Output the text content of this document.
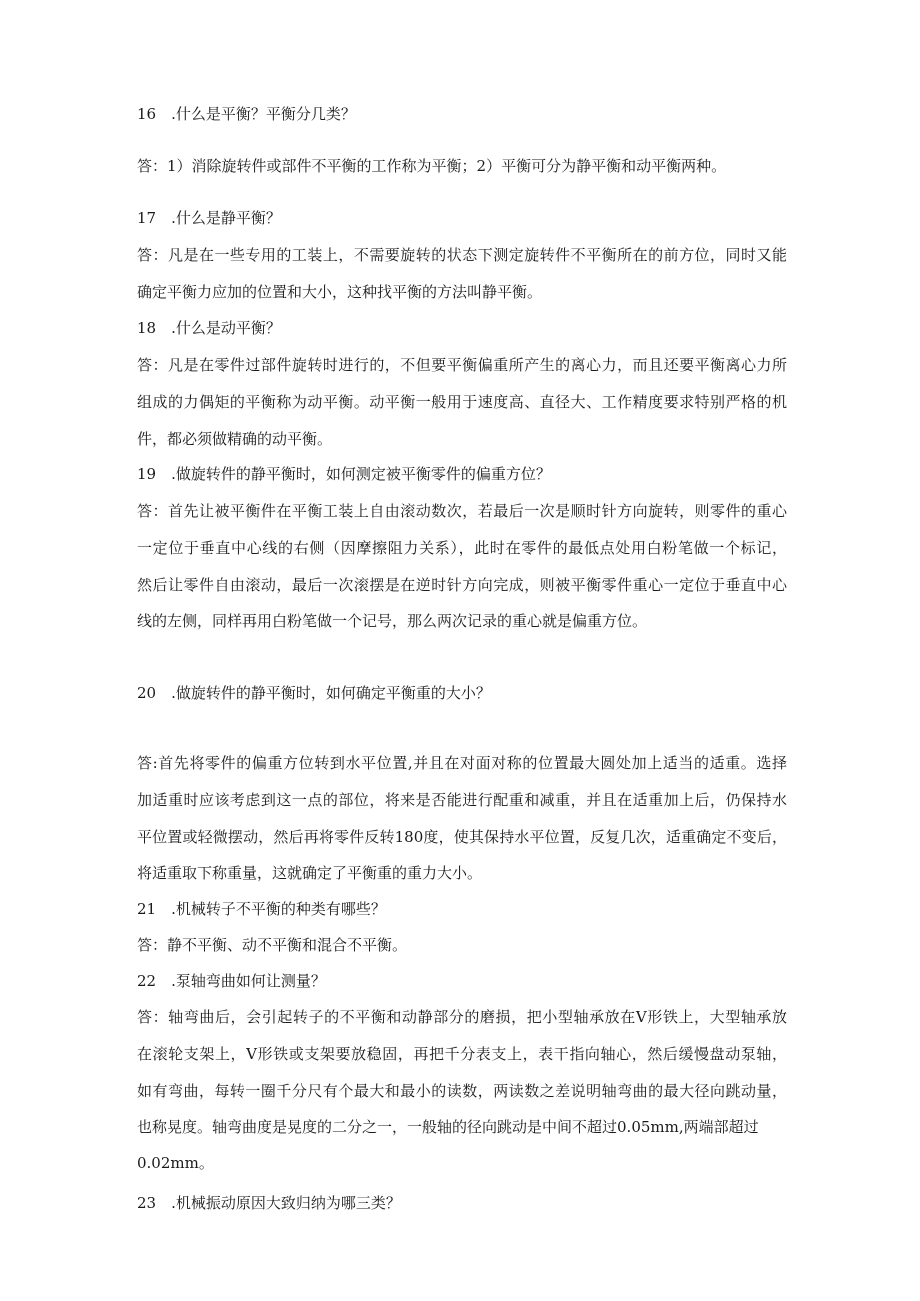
16　.什么是平衡？平衡分几类？
答：1）消除旋转件或部件不平衡的工作称为平衡；2）平衡可分为静平衡和动平衡两种。
17　.什么是静平衡？
答：凡是在一些专用的工装上，不需要旋转的状态下测定旋转件不平衡所在的前方位，同时又能
确定平衡力应加的位置和大小，这种找平衡的方法叫静平衡。
18　.什么是动平衡？
答：凡是在零件过部件旋转时进行的，不但要平衡偏重所产生的离心力，而且还要平衡离心力所
组成的力偶矩的平衡称为动平衡。动平衡一般用于速度高、直径大、工作精度要求特别严格的机
件，都必须做精确的动平衡。
19　.做旋转件的静平衡时，如何测定被平衡零件的偏重方位？
答：首先让被平衡件在平衡工装上自由滚动数次，若最后一次是顺时针方向旋转，则零件的重心
一定位于垂直中心线的右侧（因摩擦阻力关系），此时在零件的最低点处用白粉笔做一个标记，
然后让零件自由滚动，最后一次滚摆是在逆时针方向完成，则被平衡零件重心一定位于垂直中心
线的左侧，同样再用白粉笔做一个记号，那么两次记录的重心就是偏重方位。
20　.做旋转件的静平衡时，如何确定平衡重的大小？
答:首先将零件的偏重方位转到水平位置,并且在对面对称的位置最大圆处加上适当的适重。选择
加适重时应该考虑到这一点的部位，将来是否能进行配重和减重，并且在适重加上后，仍保持水
平位置或轻微摆动，然后再将零件反转180度，使其保持水平位置，反复几次，适重确定不变后，
将适重取下称重量，这就确定了平衡重的重力大小。
21　.机械转子不平衡的种类有哪些？
答：静不平衡、动不平衡和混合不平衡。
22　.泵轴弯曲如何让测量？
答：轴弯曲后，会引起转子的不平衡和动静部分的磨损，把小型轴承放在V形铁上，大型轴承放
在滚轮支架上，V形铁或支架要放稳固，再把千分表支上，表干指向轴心，然后缓慢盘动泵轴，
如有弯曲，每转一圈千分尺有个最大和最小的读数，两读数之差说明轴弯曲的最大径向跳动量，
也称晃度。轴弯曲度是晃度的二分之一，一般轴的径向跳动是中间不超过0.05mm,两端部超过
0.02mm。
23　.机械振动原因大致归纳为哪三类？
